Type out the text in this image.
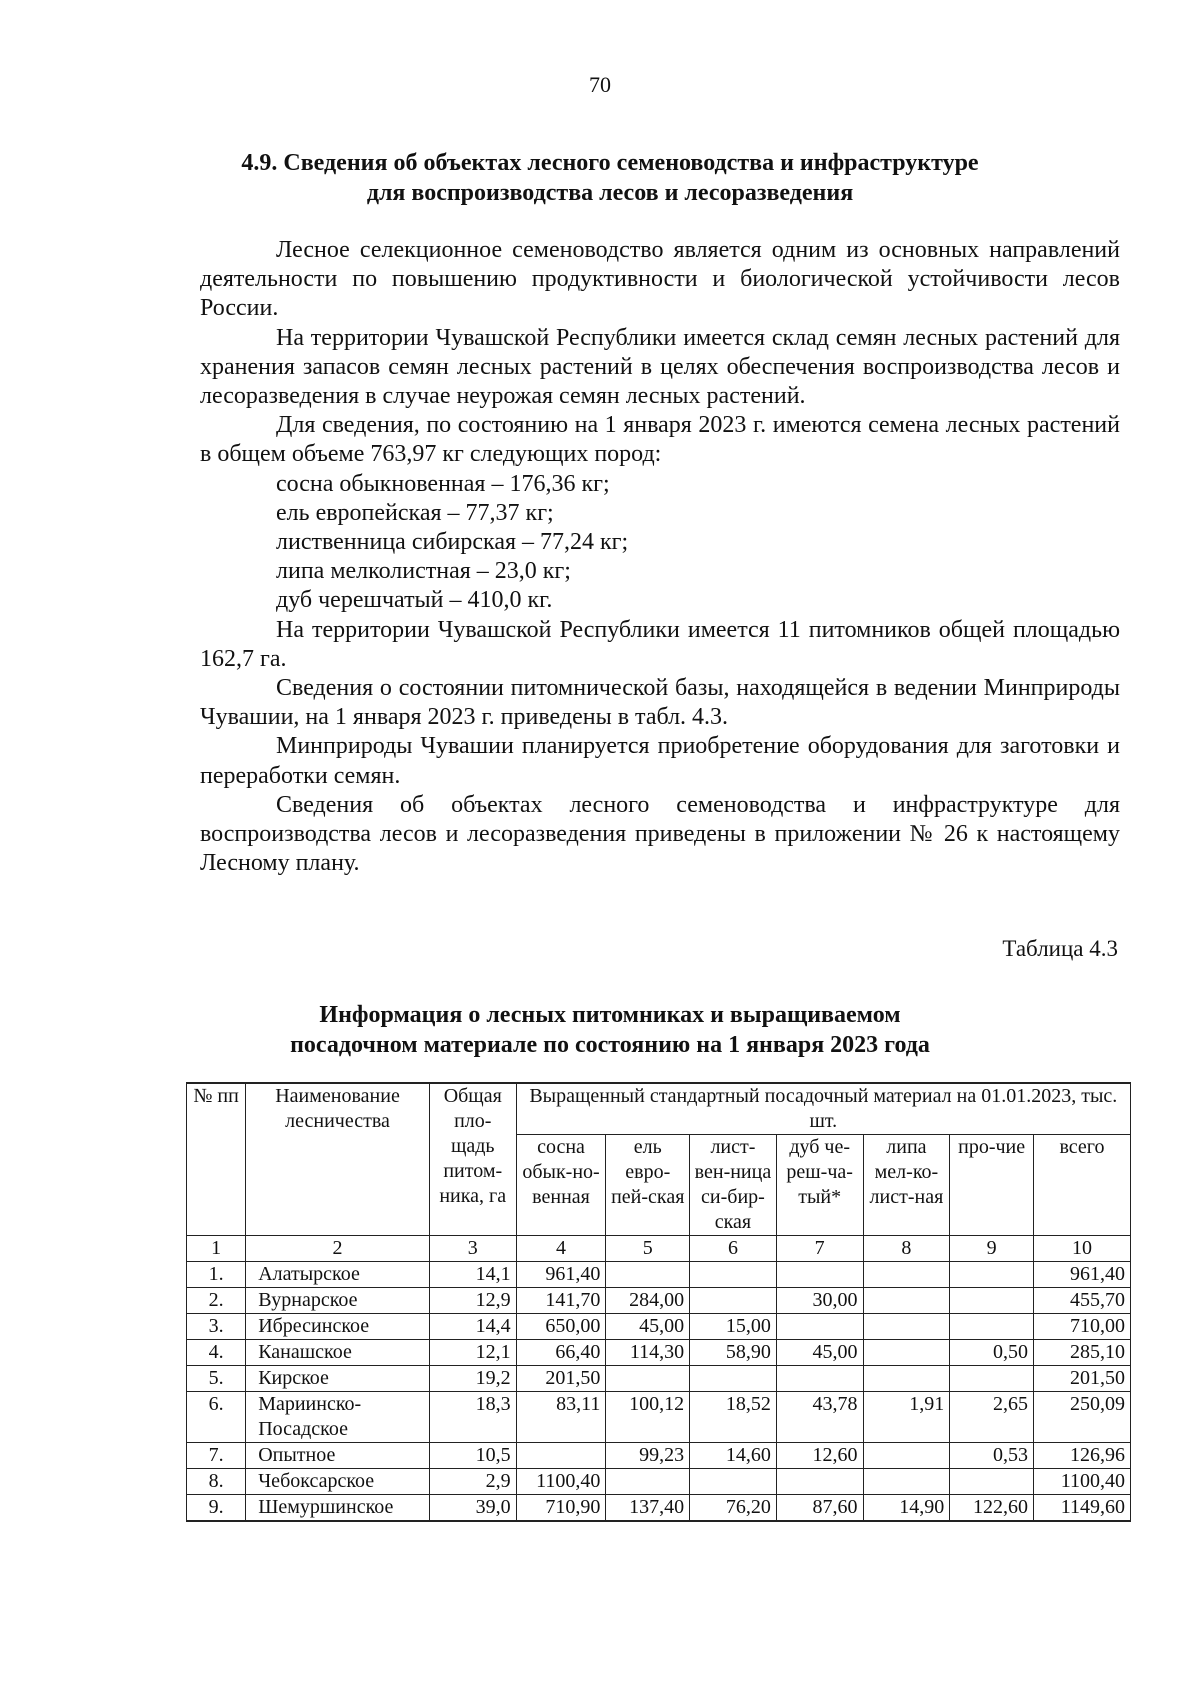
70
4.9. Сведения об объектах лесного семеноводства и инфраструктуре
для воспроизводства лесов и лесоразведения

Лесное селекционное семеноводство является одним из основных направлений деятельности по повышению продуктивности и биологической устойчивости лесов России.

На территории Чувашской Республики имеется склад семян лесных растений для хранения запасов семян лесных растений в целях обеспечения воспроизводства лесов и лесоразведения в случае неурожая семян лесных растений.

Для сведения, по состоянию на 1 января 2023 г. имеются семена лесных растений в общем объеме 763,97 кг следующих пород:

сосна обыкновенная – 176,36 кг;

ель европейская – 77,37 кг;

лиственница сибирская – 77,24 кг;

липа мелколистная – 23,0 кг;

дуб черешчатый – 410,0 кг.

На территории Чувашской Республики имеется 11 питомников общей площадью 162,7 га.

Сведения о состоянии питомнической базы, находящейся в ведении Минприроды Чувашии, на 1 января 2023 г. приведены в табл. 4.3.

Минприроды Чувашии планируется приобретение оборудования для заготовки и переработки семян.

Сведения об объектах лесного семеноводства и инфраструктуре для воспроизводства лесов и лесоразведения приведены в приложении № 26 к настоящему Лесному плану.

Таблица 4.3
Информация о лесных питомниках и выращиваемом
посадочном материале по состоянию на 1 января 2023 года
№ пп	Наименование лесничества	Общая пло-щадь питом-ника, га	Выращенный стандартный посадочный материал на 01.01.2023, тыс. шт.						
			сосна обык-но-венная	ель евро-пей-ская	лист-вен-ница си-бир-ская	дуб че-реш-ча-тый*	липа мел-ко-лист-ная	про-чие	всего
1	2	3	4	5	6	7	8	9	10
1.	Алатырское	14,1	961,40						961,40
2.	Вурнарское	12,9	141,70	284,00		30,00			455,70
3.	Ибресинское	14,4	650,00	45,00	15,00				710,00
4.	Канашское	12,1	66,40	114,30	58,90	45,00		0,50	285,10
5.	Кирское	19,2	201,50						201,50
6.	Мариинско-Посадское	18,3	83,11	100,12	18,52	43,78	1,91	2,65	250,09
7.	Опытное	10,5		99,23	14,60	12,60		0,53	126,96
8.	Чебоксарское	2,9	1100,40						1100,40
9.	Шемуршинское	39,0	710,90	137,40	76,20	87,60	14,90	122,60	1149,60
